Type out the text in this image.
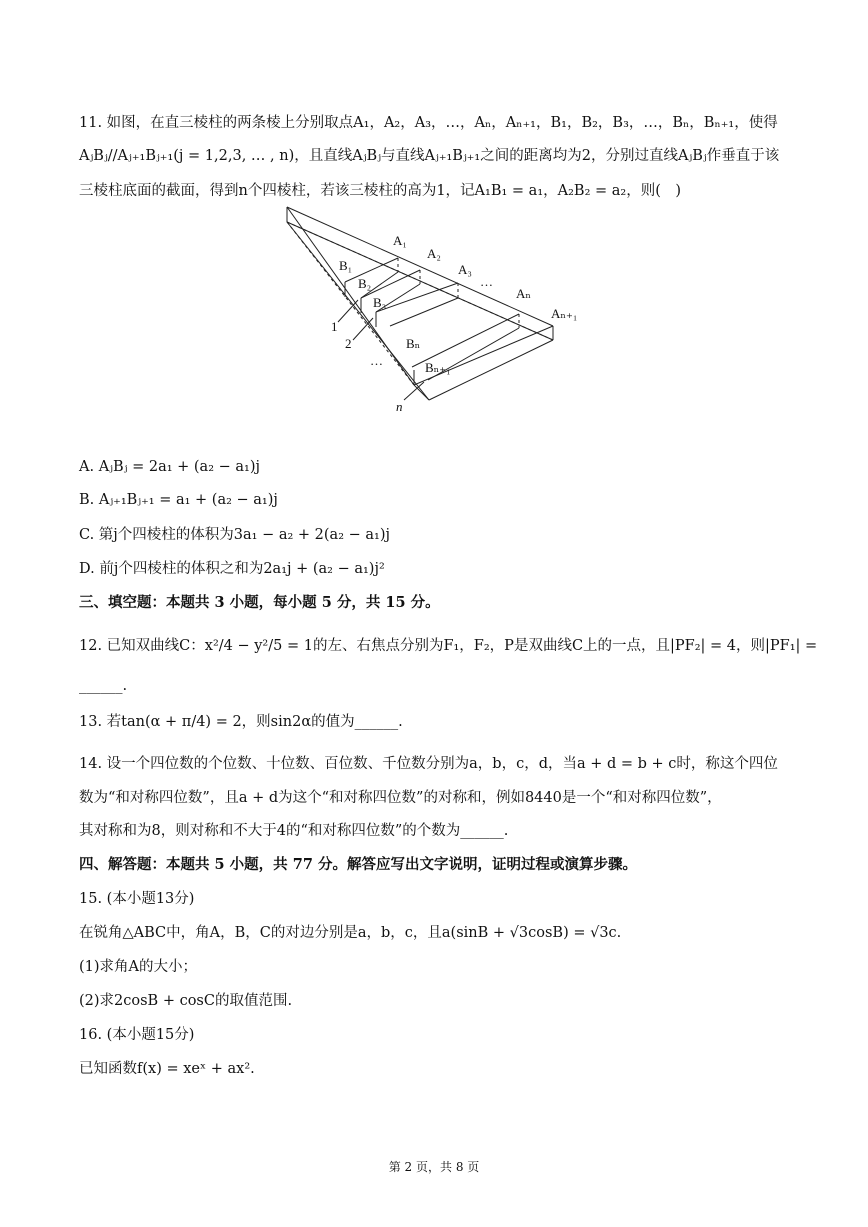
11. 如图，在直三棱柱的两条棱上分别取点A₁，A₂，A₃，…，Aₙ，Aₙ₊₁，B₁，B₂，B₃，…，Bₙ，Bₙ₊₁，使得
AⱼBⱼ//Aⱼ₊₁Bⱼ₊₁(j = 1,2,3, … , n)，且直线AⱼBⱼ与直线Aⱼ₊₁Bⱼ₊₁之间的距离均为2，分别过直线AⱼBⱼ作垂直于该
三棱柱底面的截面，得到n个四棱柱，若该三棱柱的高为1，记A₁B₁ = a₁，A₂B₂ = a₂，则(　)
A₁
A₂
A₃
…
Aₙ
Aₙ₊₁
B₁
B₂
B₃
Bₙ
Bₙ₊₁
1
2
…
n
A. AⱼBⱼ = 2a₁ + (a₂ − a₁)j
B. Aⱼ₊₁Bⱼ₊₁ = a₁ + (a₂ − a₁)j
C. 第j个四棱柱的体积为3a₁ − a₂ + 2(a₂ − a₁)j
D. 前j个四棱柱的体积之和为2a₁j + (a₂ − a₁)j²
三、填空题：本题共 3 小题，每小题 5 分，共 15 分。
12. 已知双曲线C：x²/4 − y²/5 = 1的左、右焦点分别为F₁，F₂，P是双曲线C上的一点，且|PF₂| = 4，则|PF₁| =
______.
13. 若tan(α + π/4) = 2，则sin2α的值为______.
14. 设一个四位数的个位数、十位数、百位数、千位数分别为a，b，c，d，当a + d = b + c时，称这个四位
数为“和对称四位数”，且a + d为这个“和对称四位数”的对称和，例如8440是一个“和对称四位数”，
其对称和为8，则对称和不大于4的“和对称四位数”的个数为______.
四、解答题：本题共 5 小题，共 77 分。解答应写出文字说明，证明过程或演算步骤。
15. (本小题13分)
在锐角△ABC中，角A，B，C的对边分别是a，b，c，且a(sinB + √3cosB) = √3c.
(1)求角A的大小；
(2)求2cosB + cosC的取值范围.
16. (本小题15分)
已知函数f(x) = xeˣ + ax².
第 2 页，共 8 页
